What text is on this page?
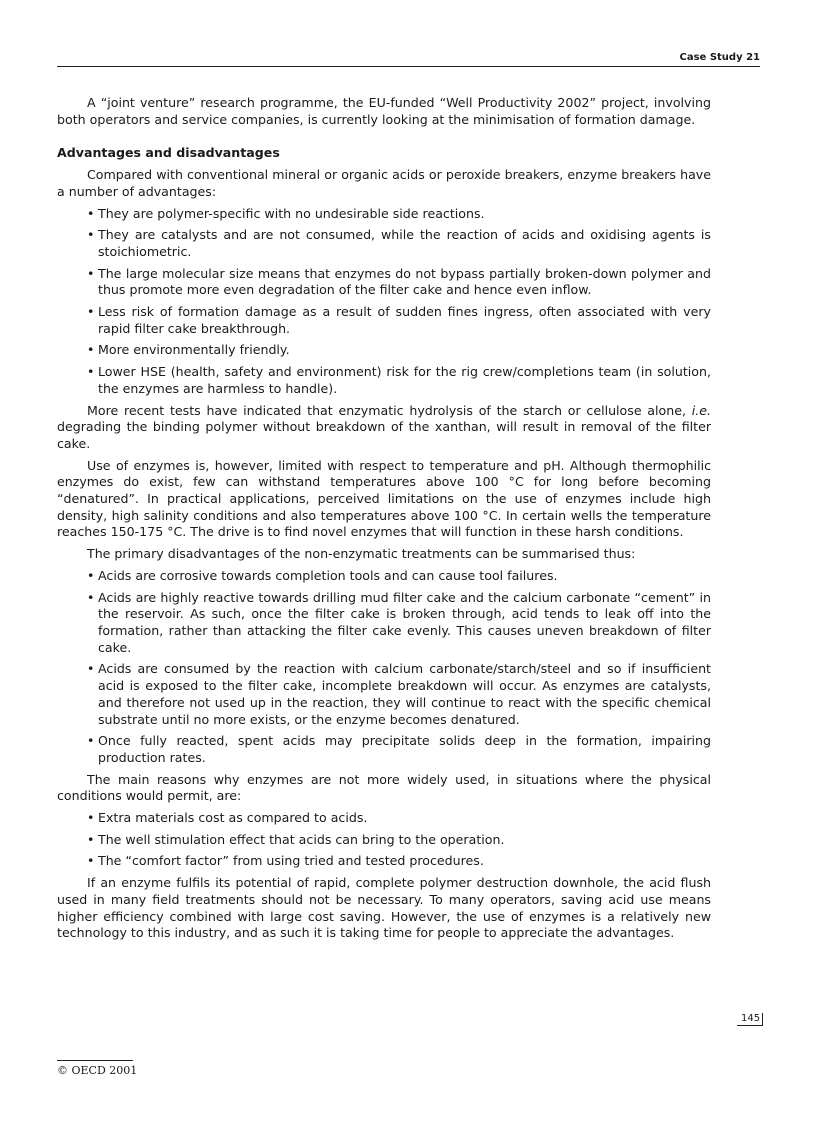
Case Study 21

A “joint venture” research programme, the EU-funded “Well Productivity 2002” project, involving both operators and service companies, is currently looking at the minimisation of formation damage.

Advantages and disadvantages

Compared with conventional mineral or organic acids or peroxide breakers, enzyme breakers have a number of advantages:

• They are polymer-specific with no undesirable side reactions.
• They are catalysts and are not consumed, while the reaction of acids and oxidising agents is stoichiometric.
• The large molecular size means that enzymes do not bypass partially broken-down polymer and thus promote more even degradation of the filter cake and hence even inflow.
• Less risk of formation damage as a result of sudden fines ingress, often associated with very rapid filter cake breakthrough.
• More environmentally friendly.
• Lower HSE (health, safety and environment) risk for the rig crew/completions team (in solution, the enzymes are harmless to handle).

More recent tests have indicated that enzymatic hydrolysis of the starch or cellulose alone, i.e. degrading the binding polymer without breakdown of the xanthan, will result in removal of the filter cake.

Use of enzymes is, however, limited with respect to temperature and pH. Although thermophilic enzymes do exist, few can withstand temperatures above 100 °C for long before becoming “denatured”. In practical applications, perceived limitations on the use of enzymes include high density, high salinity conditions and also temperatures above 100 °C. In certain wells the temperature reaches 150-175 °C. The drive is to find novel enzymes that will function in these harsh conditions.

The primary disadvantages of the non-enzymatic treatments can be summarised thus:

• Acids are corrosive towards completion tools and can cause tool failures.
• Acids are highly reactive towards drilling mud filter cake and the calcium carbonate “cement” in the reservoir. As such, once the filter cake is broken through, acid tends to leak off into the formation, rather than attacking the filter cake evenly. This causes uneven breakdown of filter cake.
• Acids are consumed by the reaction with calcium carbonate/starch/steel and so if insufficient acid is exposed to the filter cake, incomplete breakdown will occur. As enzymes are catalysts, and therefore not used up in the reaction, they will continue to react with the specific chemical substrate until no more exists, or the enzyme becomes denatured.
• Once fully reacted, spent acids may precipitate solids deep in the formation, impairing production rates.

The main reasons why enzymes are not more widely used, in situations where the physical conditions would permit, are:

• Extra materials cost as compared to acids.
• The well stimulation effect that acids can bring to the operation.
• The “comfort factor” from using tried and tested procedures.

If an enzyme fulfils its potential of rapid, complete polymer destruction downhole, the acid flush used in many field treatments should not be necessary. To many operators, saving acid use means higher efficiency combined with large cost saving. However, the use of enzymes is a relatively new technology to this industry, and as such it is taking time for people to appreciate the advantages.

145
© OECD 2001
